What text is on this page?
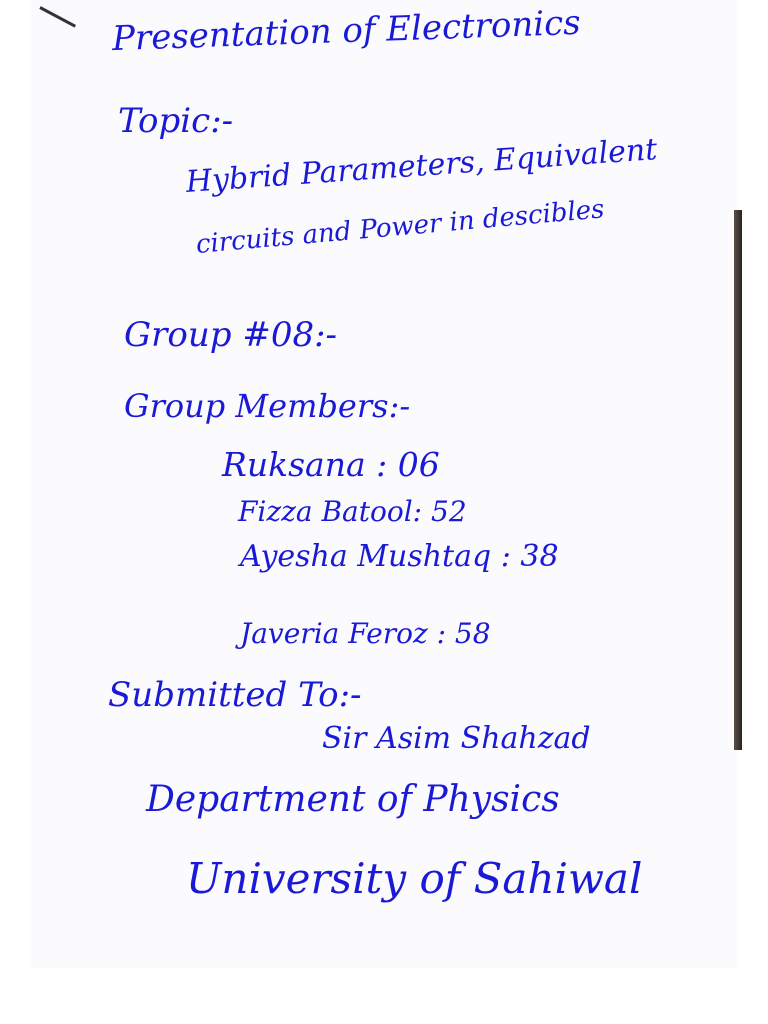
Presentation of Electronics
Topic:-
Hybrid Parameters, Equivalent
circuits and Power in descibles
Group #08:-
Group Members:-
Ruksana : 06
Fizza Batool: 52
Ayesha Mushtaq : 38
Javeria Feroz : 58
Submitted To:-
Sir Asim Shahzad
Department of Physics
University of Sahiwal
